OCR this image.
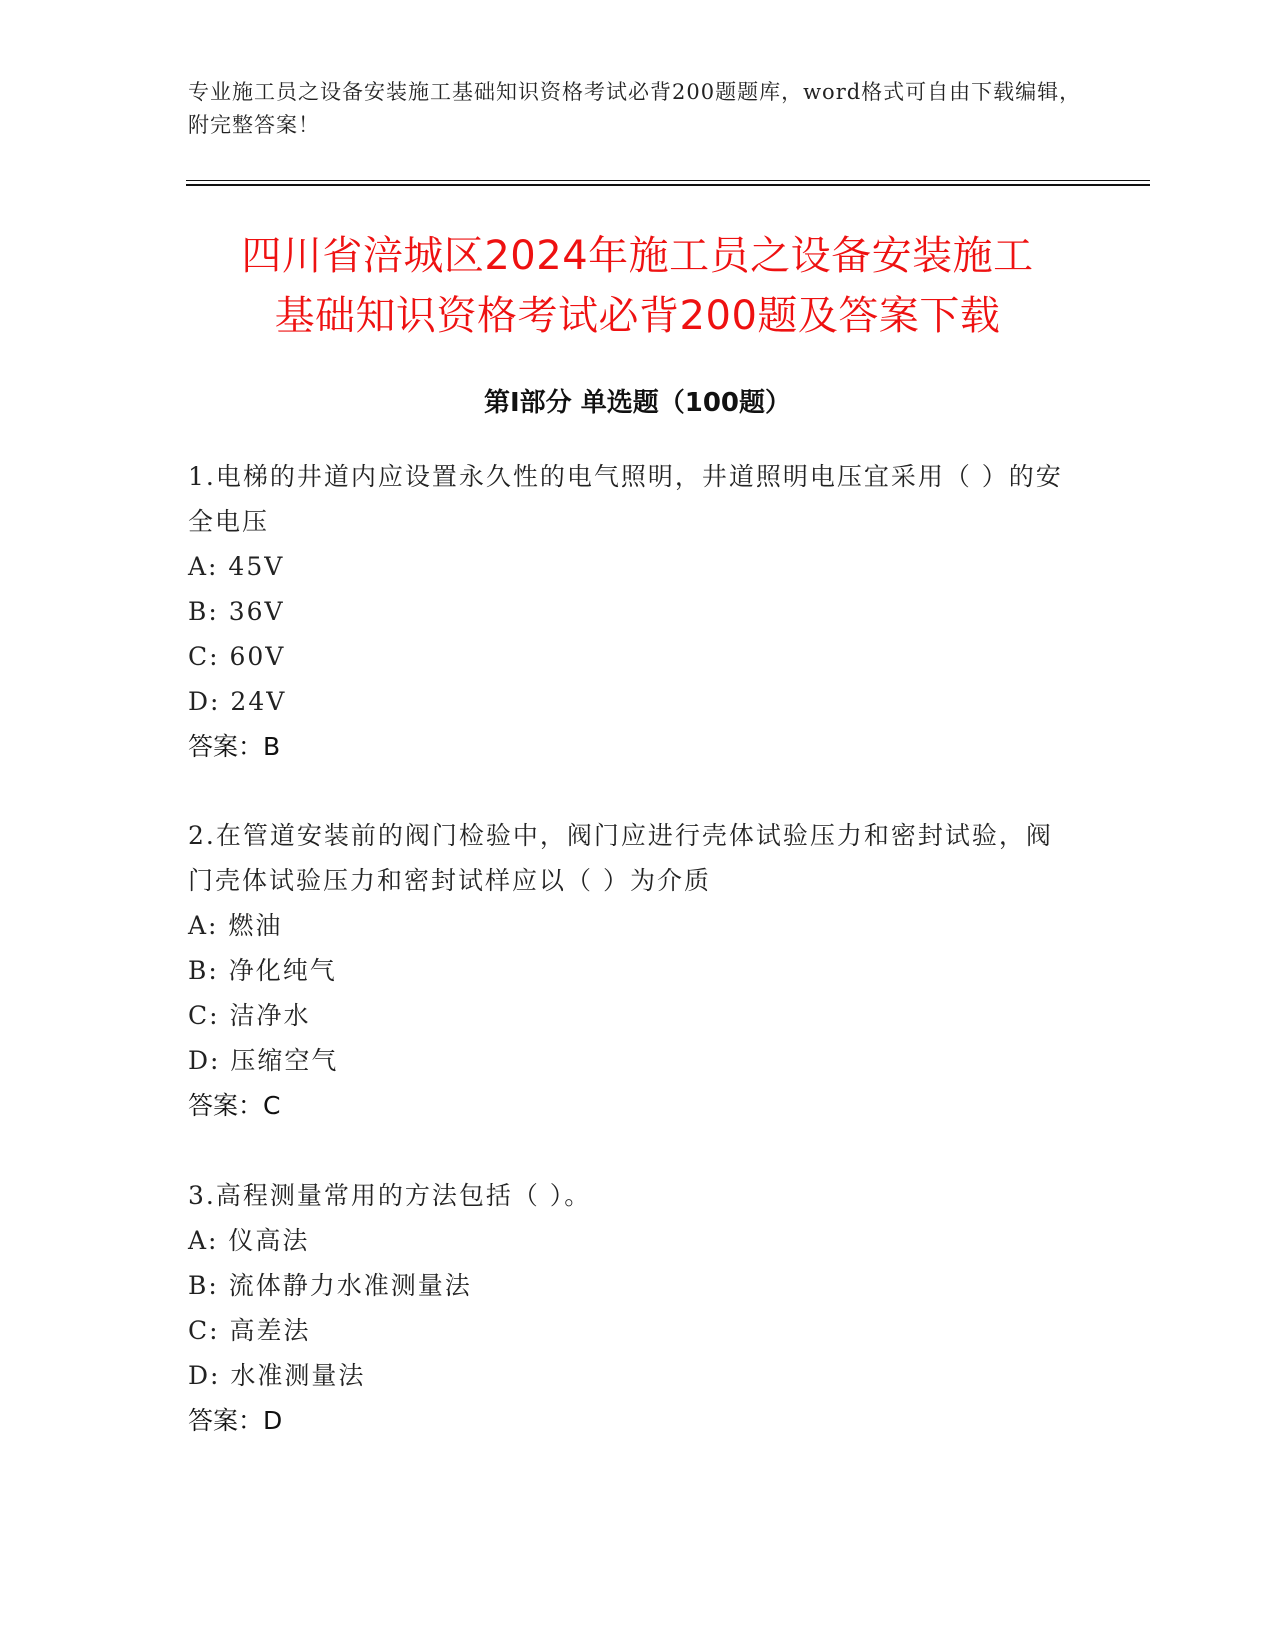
专业施工员之设备安装施工基础知识资格考试必背200题题库，word格式可自由下载编辑，附完整答案！
四川省涪城区2024年施工员之设备安装施工
基础知识资格考试必背200题及答案下载
第I部分 单选题（100题）

1.电梯的井道内应设置永久性的电气照明，井道照明电压宜采用（ ）的安全电压

A: 45V

B: 36V

C: 60V

D: 24V

答案：B

2.在管道安装前的阀门检验中，阀门应进行壳体试验压力和密封试验，阀门壳体试验压力和密封试样应以（ ）为介质

A: 燃油

B: 净化纯气

C: 洁净水

D: 压缩空气

答案：C

3.高程测量常用的方法包括（ ）。

A: 仪高法

B: 流体静力水准测量法

C: 高差法

D: 水准测量法

答案：D
